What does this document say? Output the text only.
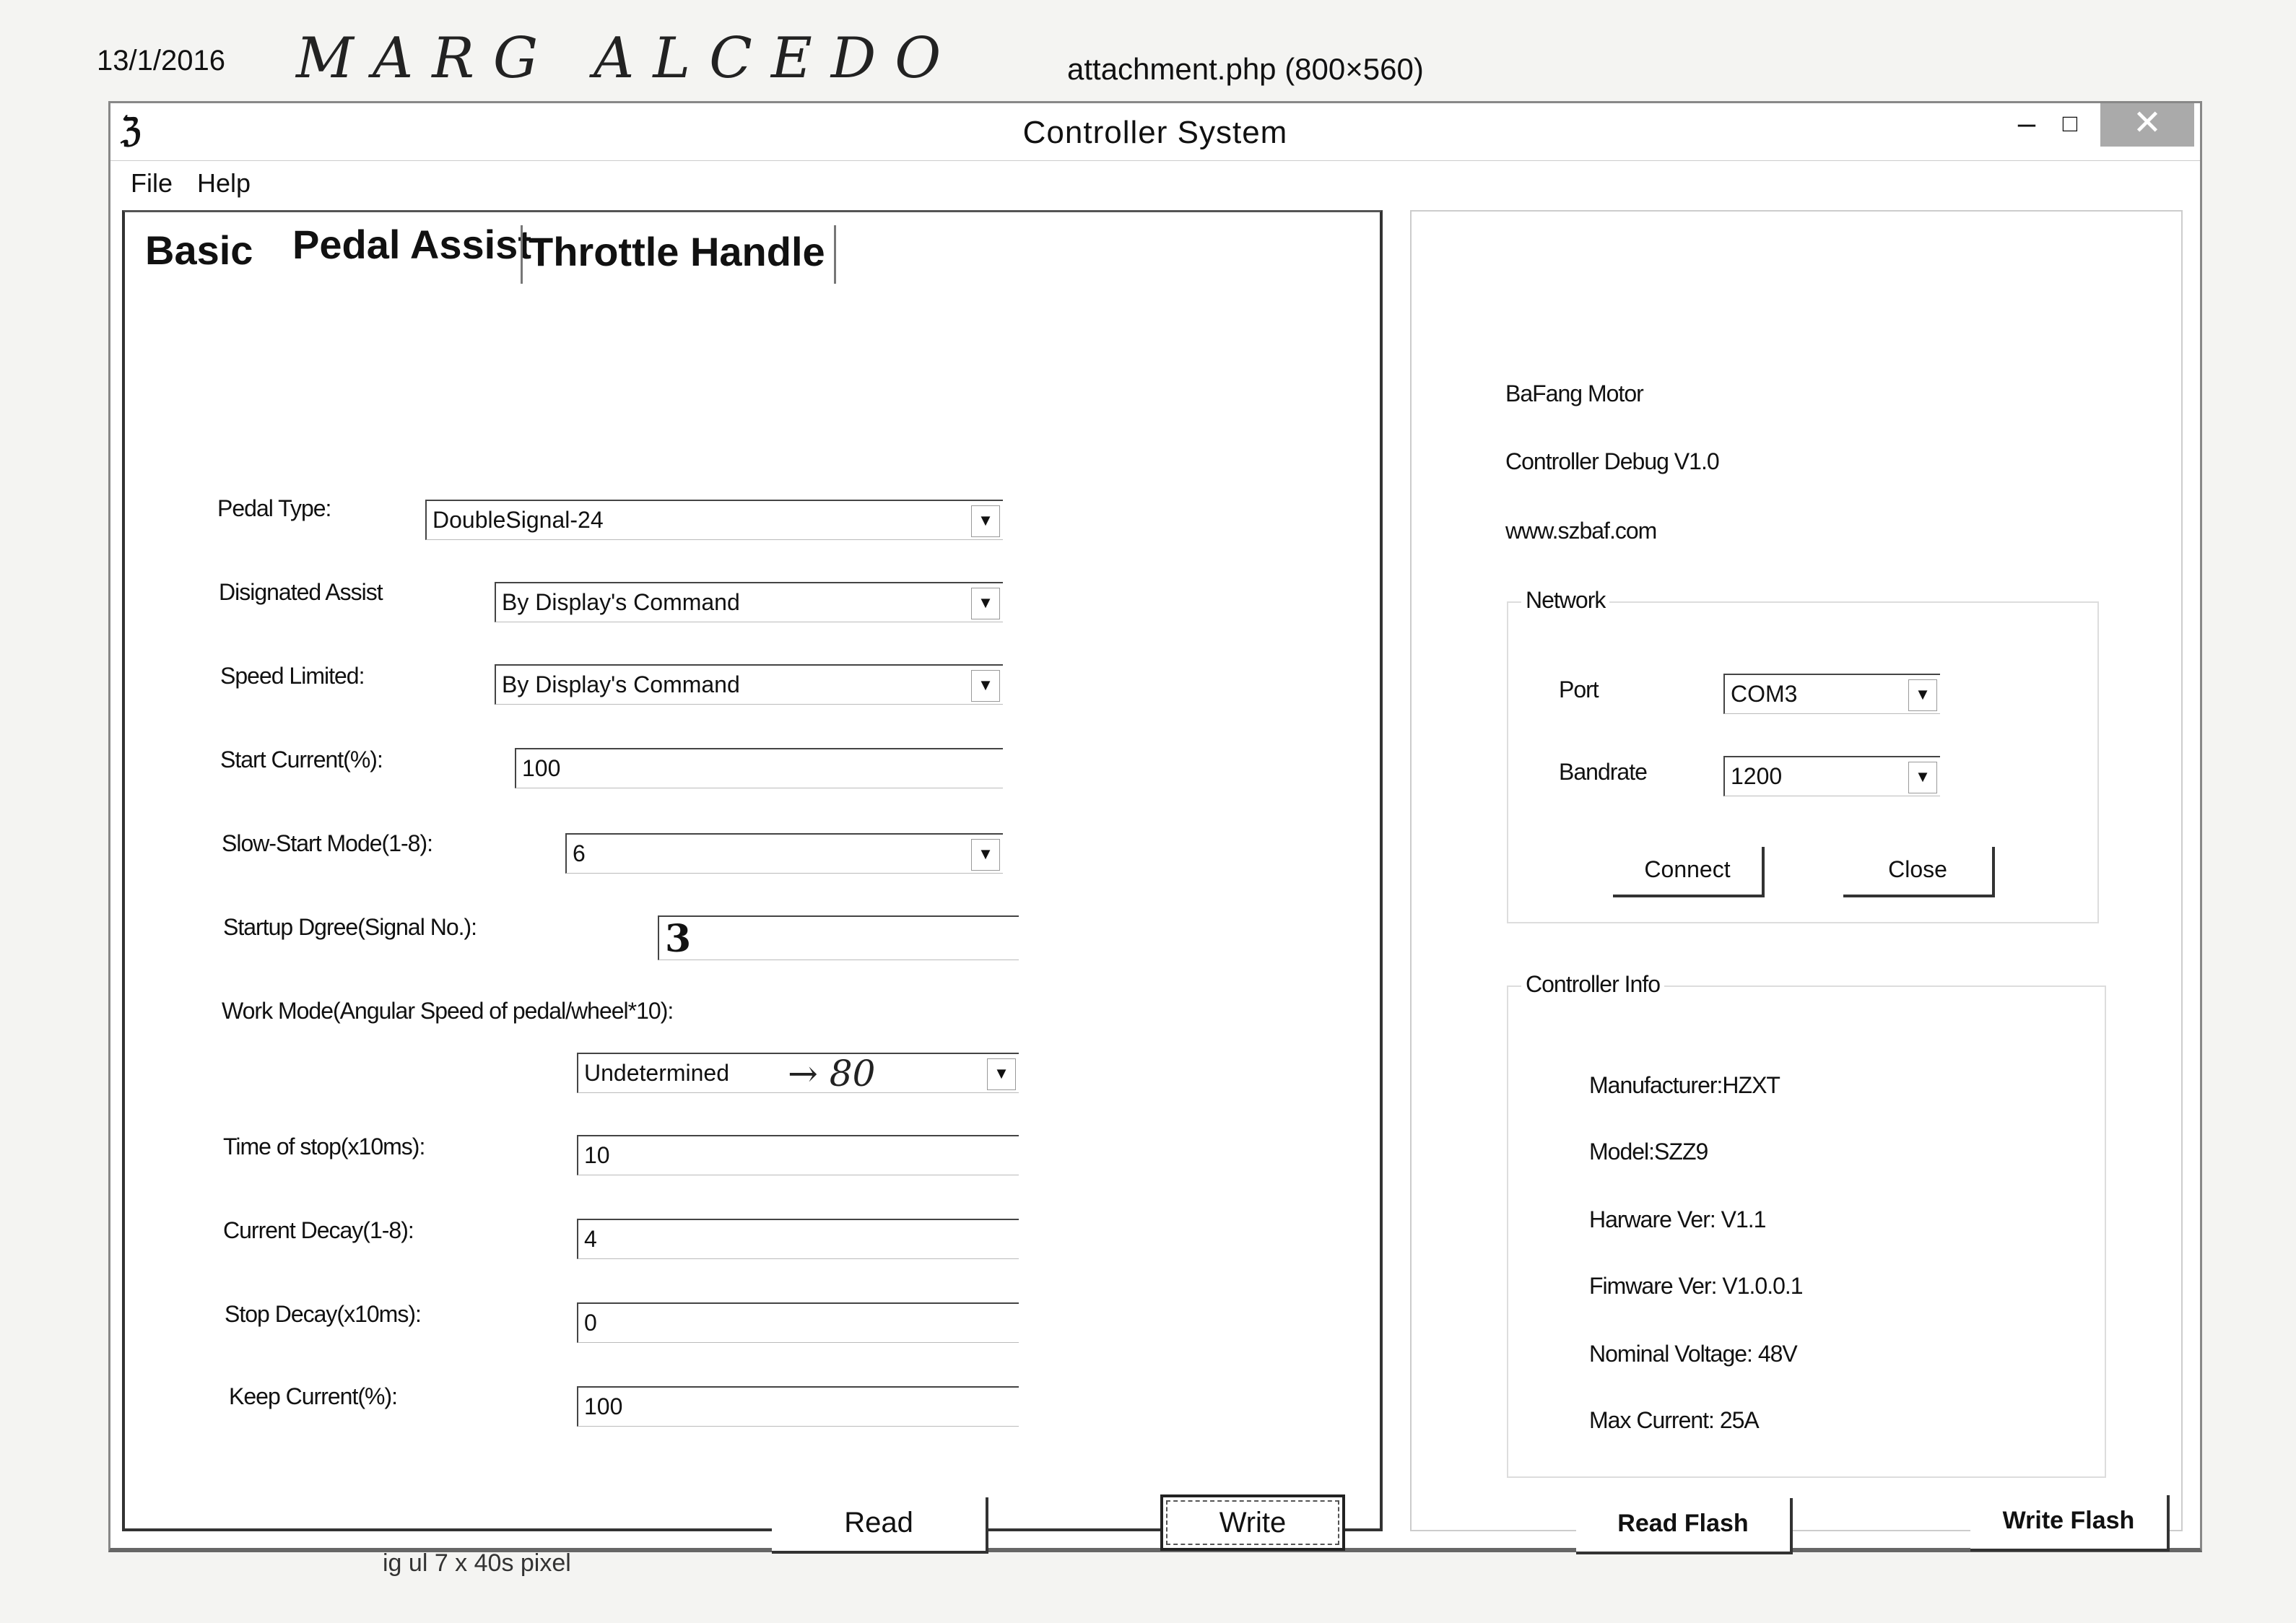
13/1/2016 MARG ALCEDO	attachment.php (800×560)
ℨ	Controller System	–	□	✕
File Help
Basic Pedal Assist
Throttle Handle
Pedal Type:	DoubleSignal-24	▼
Disignated Assist	By Display's Command	▼
Speed Limited:	By Display's Command	▼
Start Current(%):	100
Slow-Start Mode(1-8):	6	▼
Startup Dgree(Signal No.):	3
Work Mode(Angular Speed of pedal/wheel*10):
Undetermined → 80	▼
Time of stop(x10ms):	10
Current Decay(1-8):	4
Stop Decay(x10ms):	0
Keep Current(%):	100
Read	Write
BaFang Motor
Controller Debug V1.0
www.szbaf.com
Network
Port	COM3	▼
Bandrate	1200	▼
Connect	Close
Controller Info
Manufacturer:HZXT
Model:SZZ9
Harware Ver: V1.1
Fimware Ver: V1.0.0.1
Nominal Voltage: 48V
Max Current: 25A
Read Flash	Write Flash
ig ul 7 x 40s pixel
